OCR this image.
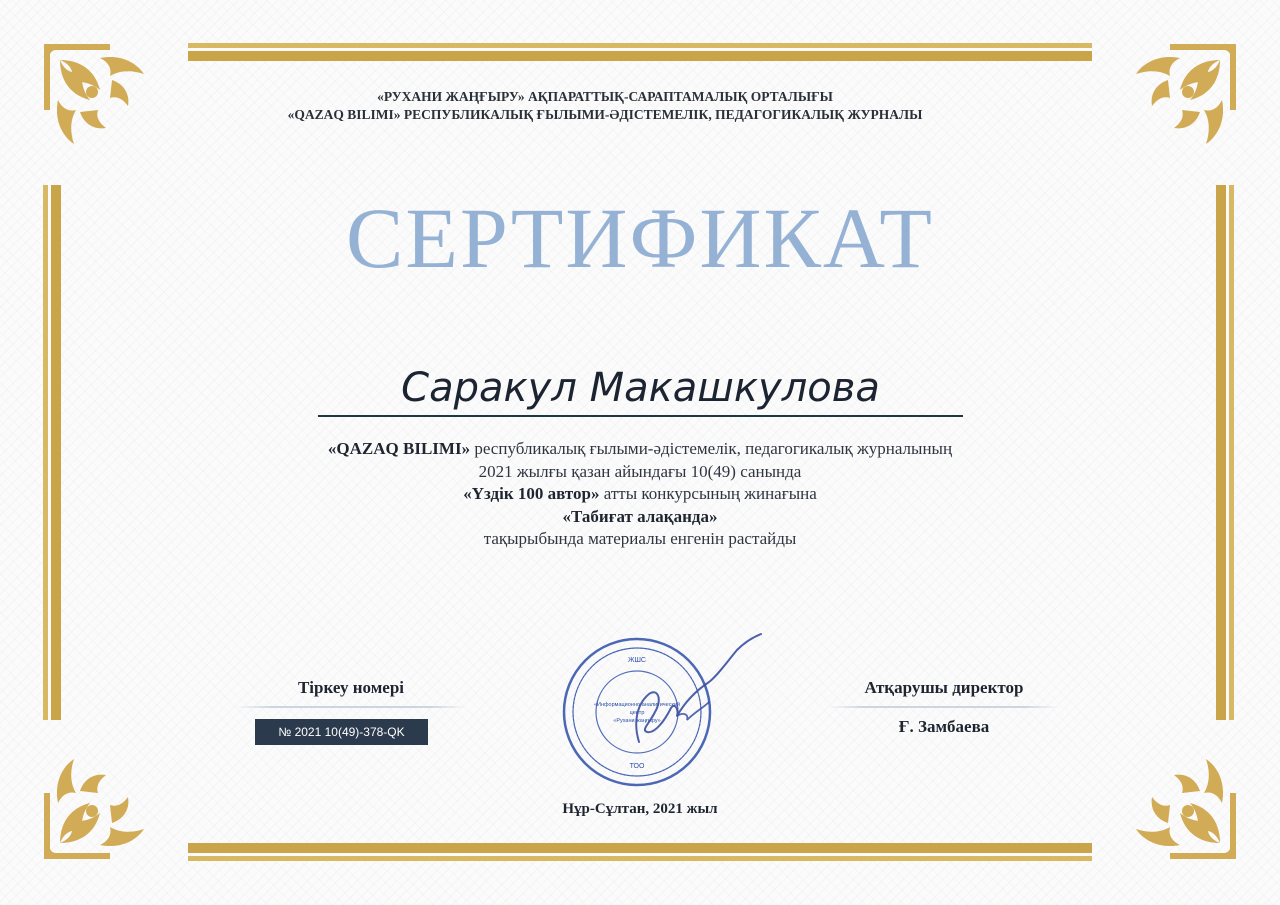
«РУХАНИ ЖАҢҒЫРУ» АҚПАРАТТЫҚ-САРАПТАМАЛЫҚ ОРТАЛЫҒЫ
«QAZAQ BILIMI» РЕСПУБЛИКАЛЫҚ ҒЫЛЫМИ-ӘДІСТЕМЕЛІК, ПЕДАГОГИКАЛЫҚ ЖУРНАЛЫ
СЕРТИФИКАТ
Саракул Макашкулова
«QAZAQ BILIMI» республикалық ғылыми-әдістемелік, педагогикалық журналының
2021 жылғы қазан айындағы 10(49) санында
«Үздік 100 автор» атты конкурсының жинағына
«Табиғат алақанда»
тақырыбында материалы енгенін растайды
Тіркеу номері
№ 2021 10(49)-378-QK
Атқарушы директор
Ғ. Замбаева
ЖШС
«Информационно-аналитический
центр
«Рухани жаңғыру»
ТОО
Нұр-Сұлтан, 2021 жыл
